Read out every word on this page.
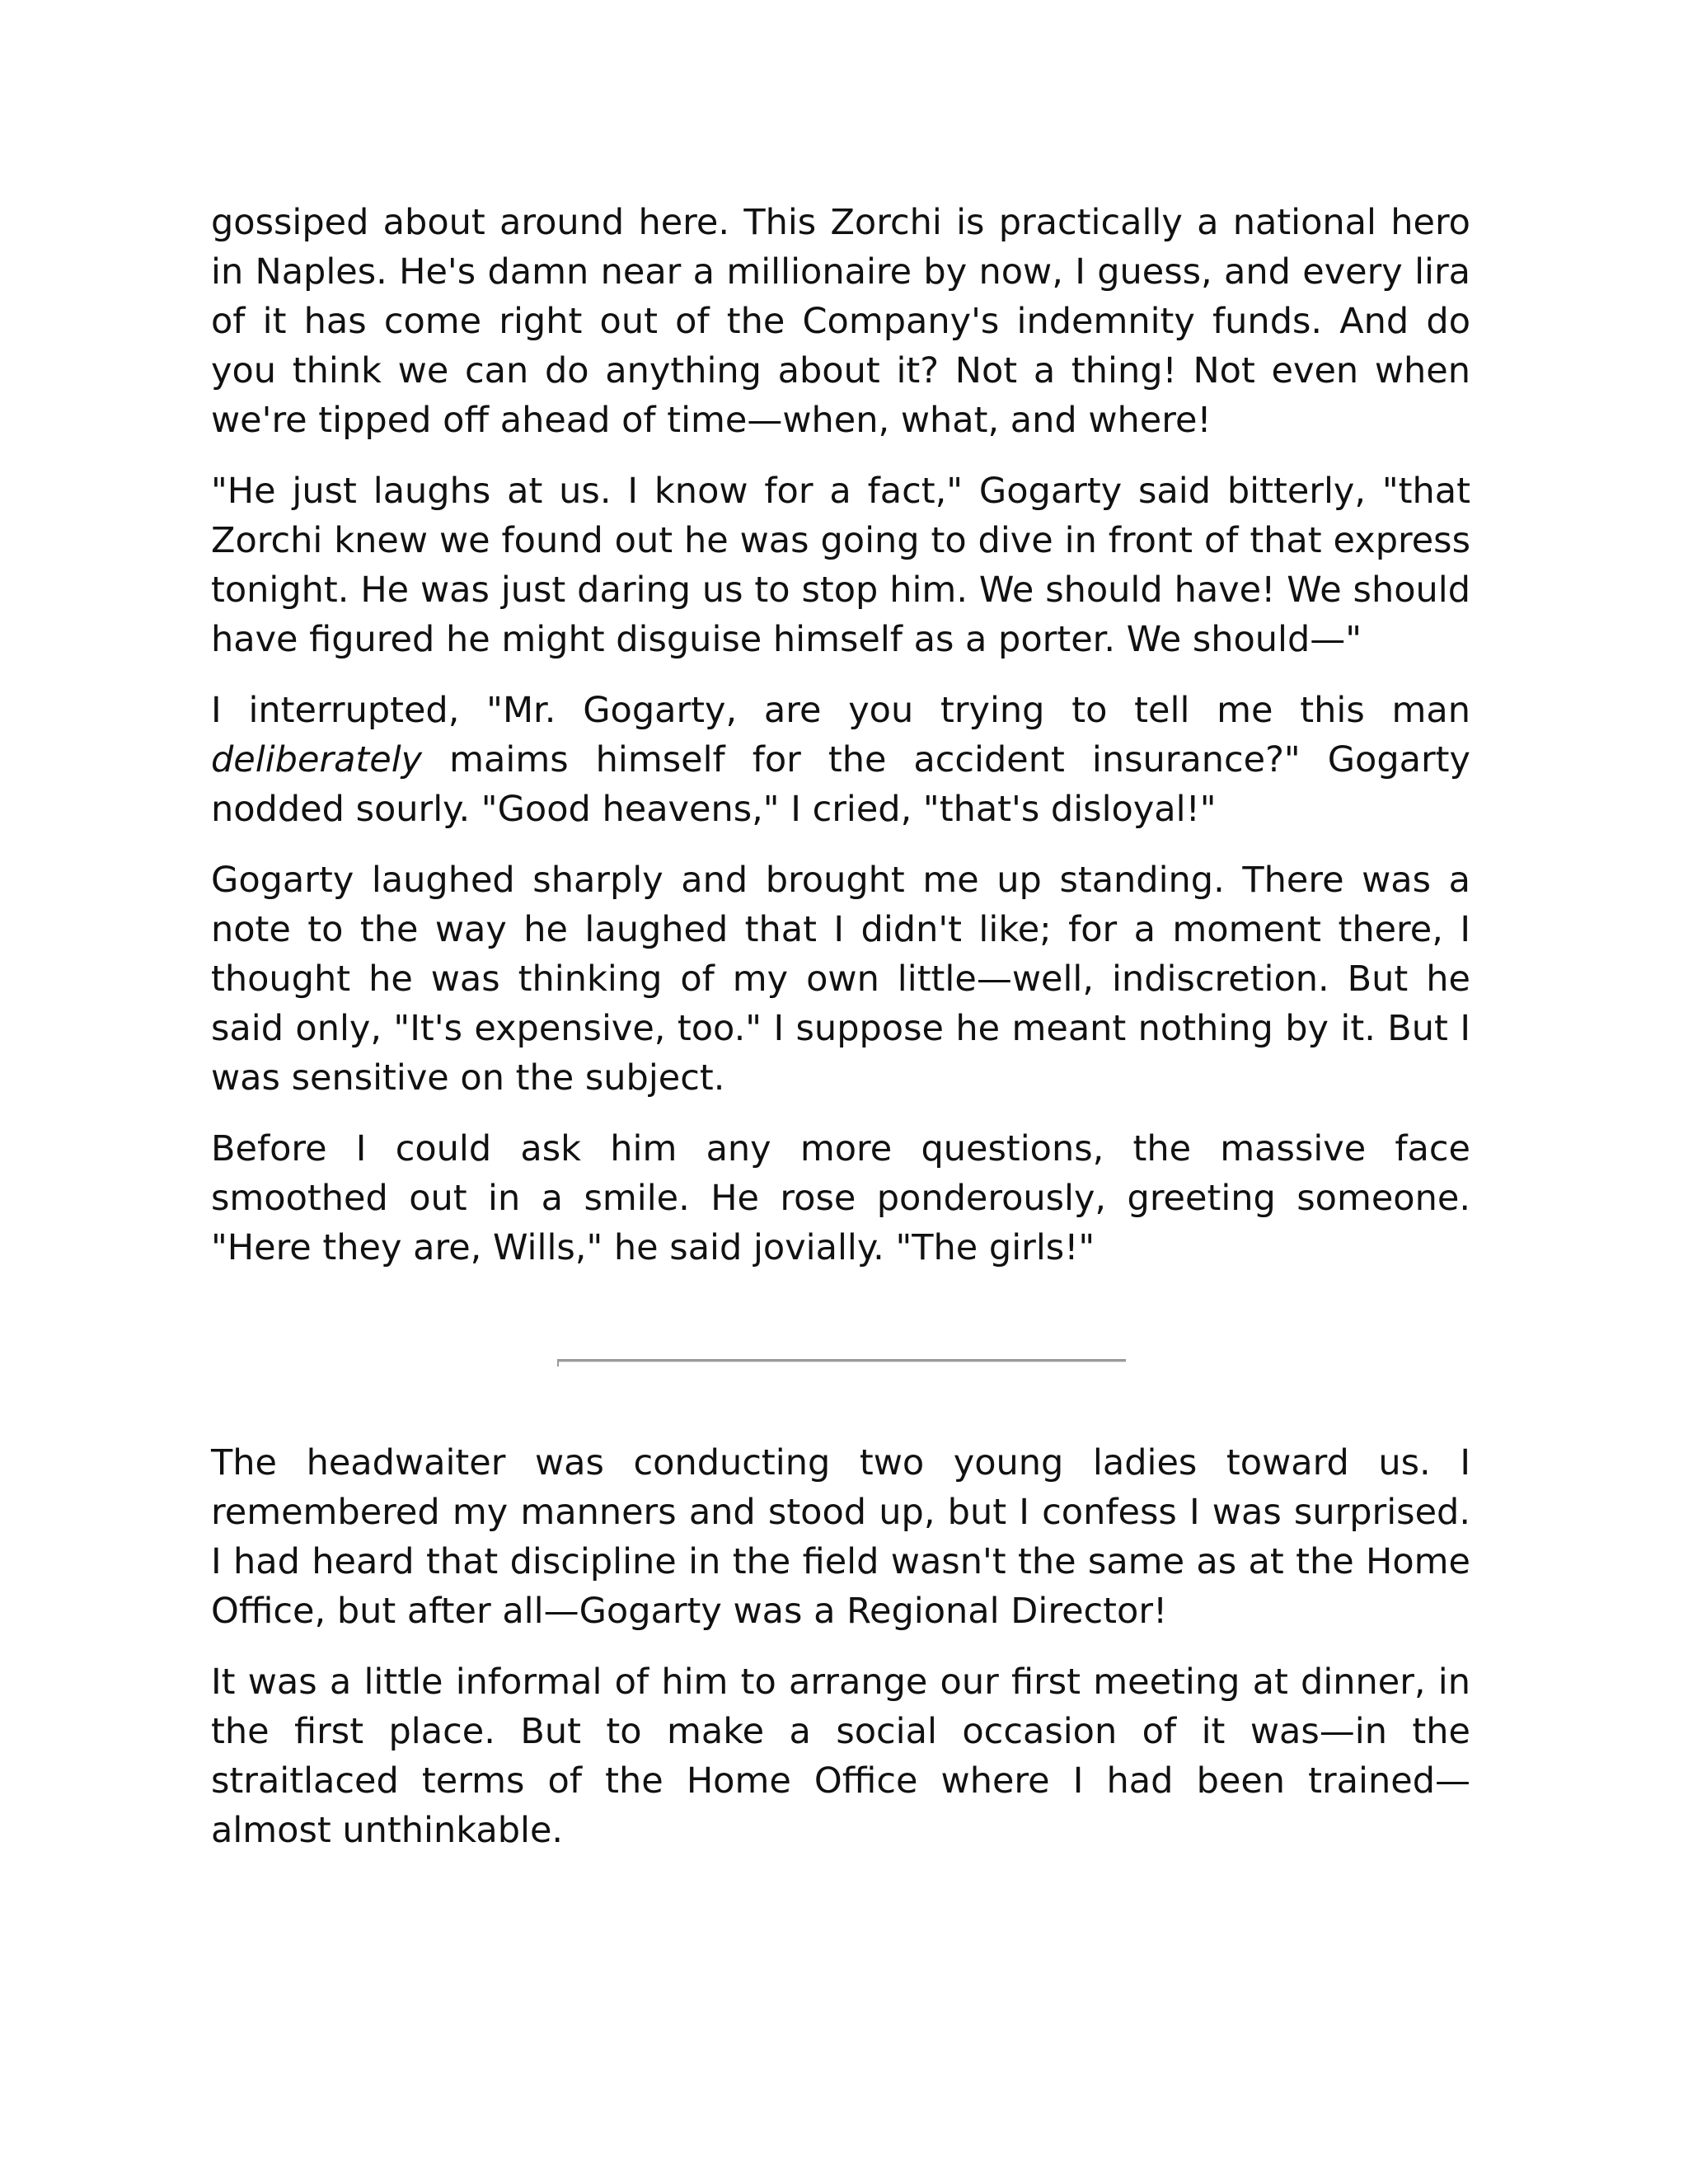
gossiped about around here. This Zorchi is practically a national hero in Naples. He's damn near a millionaire by now, I guess, and every lira of it has come right out of the Company's indemnity funds. And do you think we can do anything about it? Not a thing! Not even when we're tipped off ahead of time—when, what, and where!

"He just laughs at us. I know for a fact," Gogarty said bitterly, "that Zorchi knew we found out he was going to dive in front of that express tonight. He was just daring us to stop him. We should have! We should have figured he might disguise himself as a porter. We should—"

I interrupted, "Mr. Gogarty, are you trying to tell me this man deliberately maims himself for the accident insurance?" Gogarty nodded sourly. "Good heavens," I cried, "that's disloyal!"

Gogarty laughed sharply and brought me up standing. There was a note to the way he laughed that I didn't like; for a moment there, I thought he was thinking of my own little—well, indiscretion. But he said only, "It's expensive, too." I suppose he meant nothing by it. But I was sensitive on the subject.

Before I could ask him any more questions, the massive face smoothed out in a smile. He rose ponderously, greeting someone. "Here they are, Wills," he said jovially. "The girls!"

The headwaiter was conducting two young ladies toward us. I remembered my manners and stood up, but I confess I was surprised. I had heard that discipline in the field wasn't the same as at the Home Office, but after all—Gogarty was a Regional Director!

It was a little informal of him to arrange our first meeting at dinner, in the first place. But to make a social occasion of it was—in the straitlaced terms of the Home Office where I had been trained—almost unthinkable.
